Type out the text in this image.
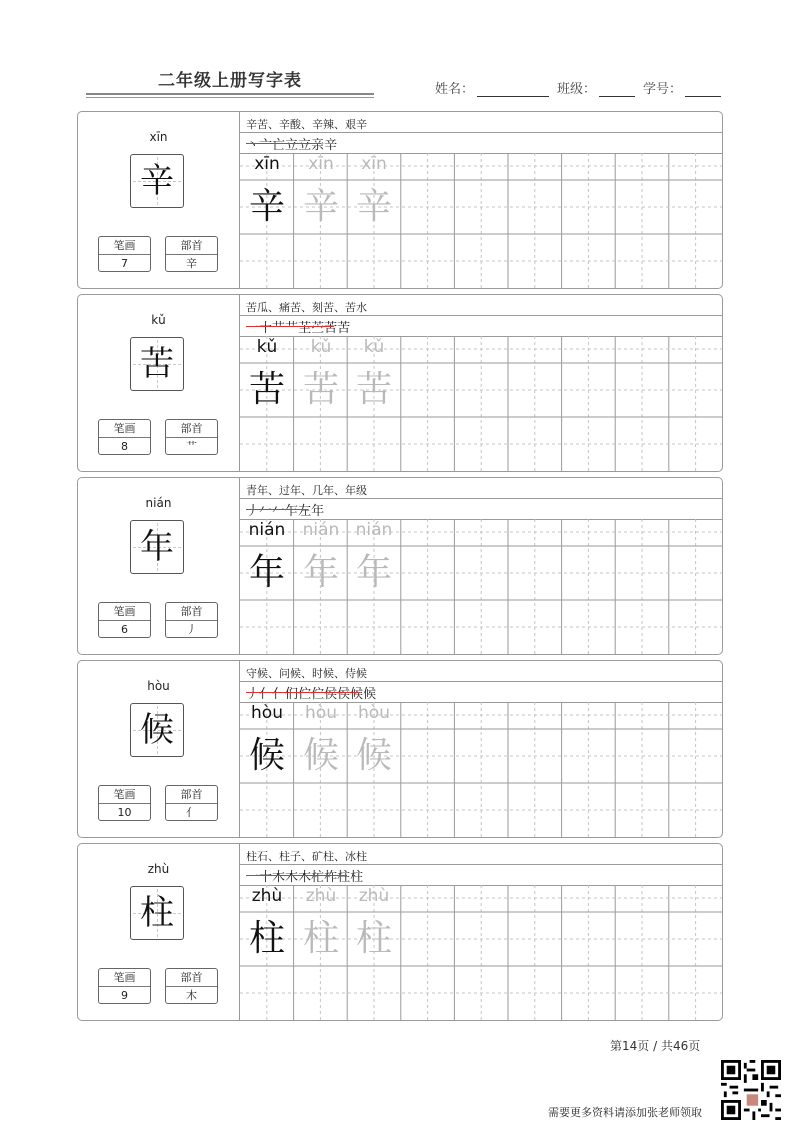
二年级上册写字表	姓名：	班级：	学号：
xīn
辛
笔画
7
部首
辛
辛苦、辛酸、辛辣、艰辛
丶亠亡立立亲辛
xīn	xīn	xīn
辛 辛 辛
kǔ
苦
笔画
8
部首
艹
苦瓜、痛苦、刻苦、苦水
一十艹艹芏苎苦苦
kǔ	kǔ	kǔ
苦 苦 苦
nián
年
笔画
6
部首
丿
青年、过年、几年、年级
丿𠂉𠂉乍左年
nián	nián nián
年 年 年
hòu
候
笔画
10
部首
亻
守候、问候、时候、侍候
丿亻亻们伫伫侯侯候候
hòu	hòu	hòu
候 候 候
zhù
柱
笔画
9
部首
木
柱石、柱子、矿柱、冰柱
一十木木木杧柞柱柱
zhù	zhù	zhù
柱 柱 柱
第14页 / 共46页
需要更多资料请添加张老师领取
